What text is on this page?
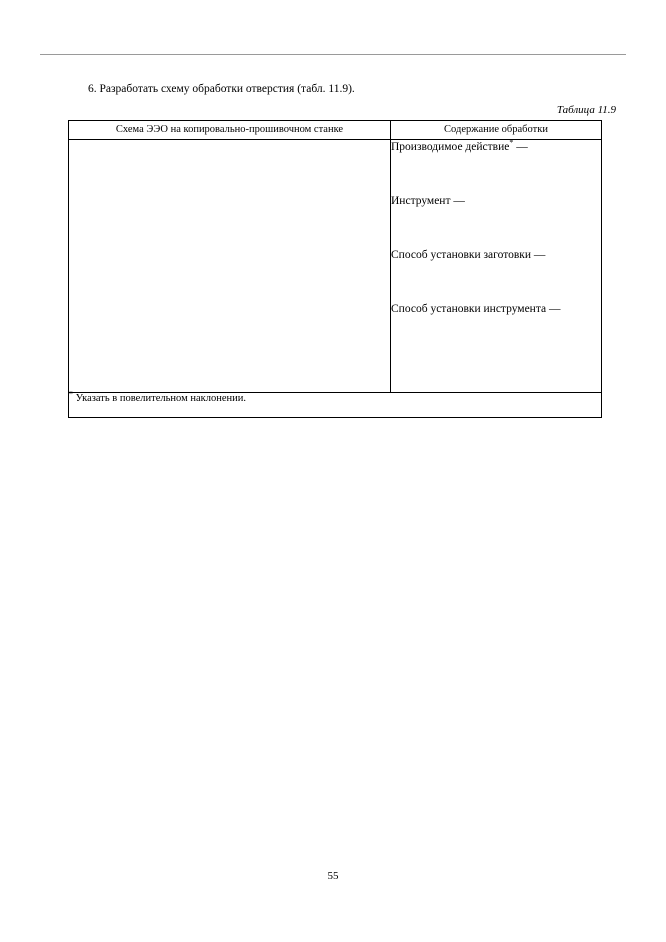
6. Разработать схему обработки отверстия (табл. 11.9).
Таблица 11.9
Схема ЭЭО на копировально-прошивочном станке	Содержание обработки

	Производимое действие* —
Инструмент —
Способ установки заготовки —
Способ установки инструмента —

* Указать в повелительном наклонении.	
55
